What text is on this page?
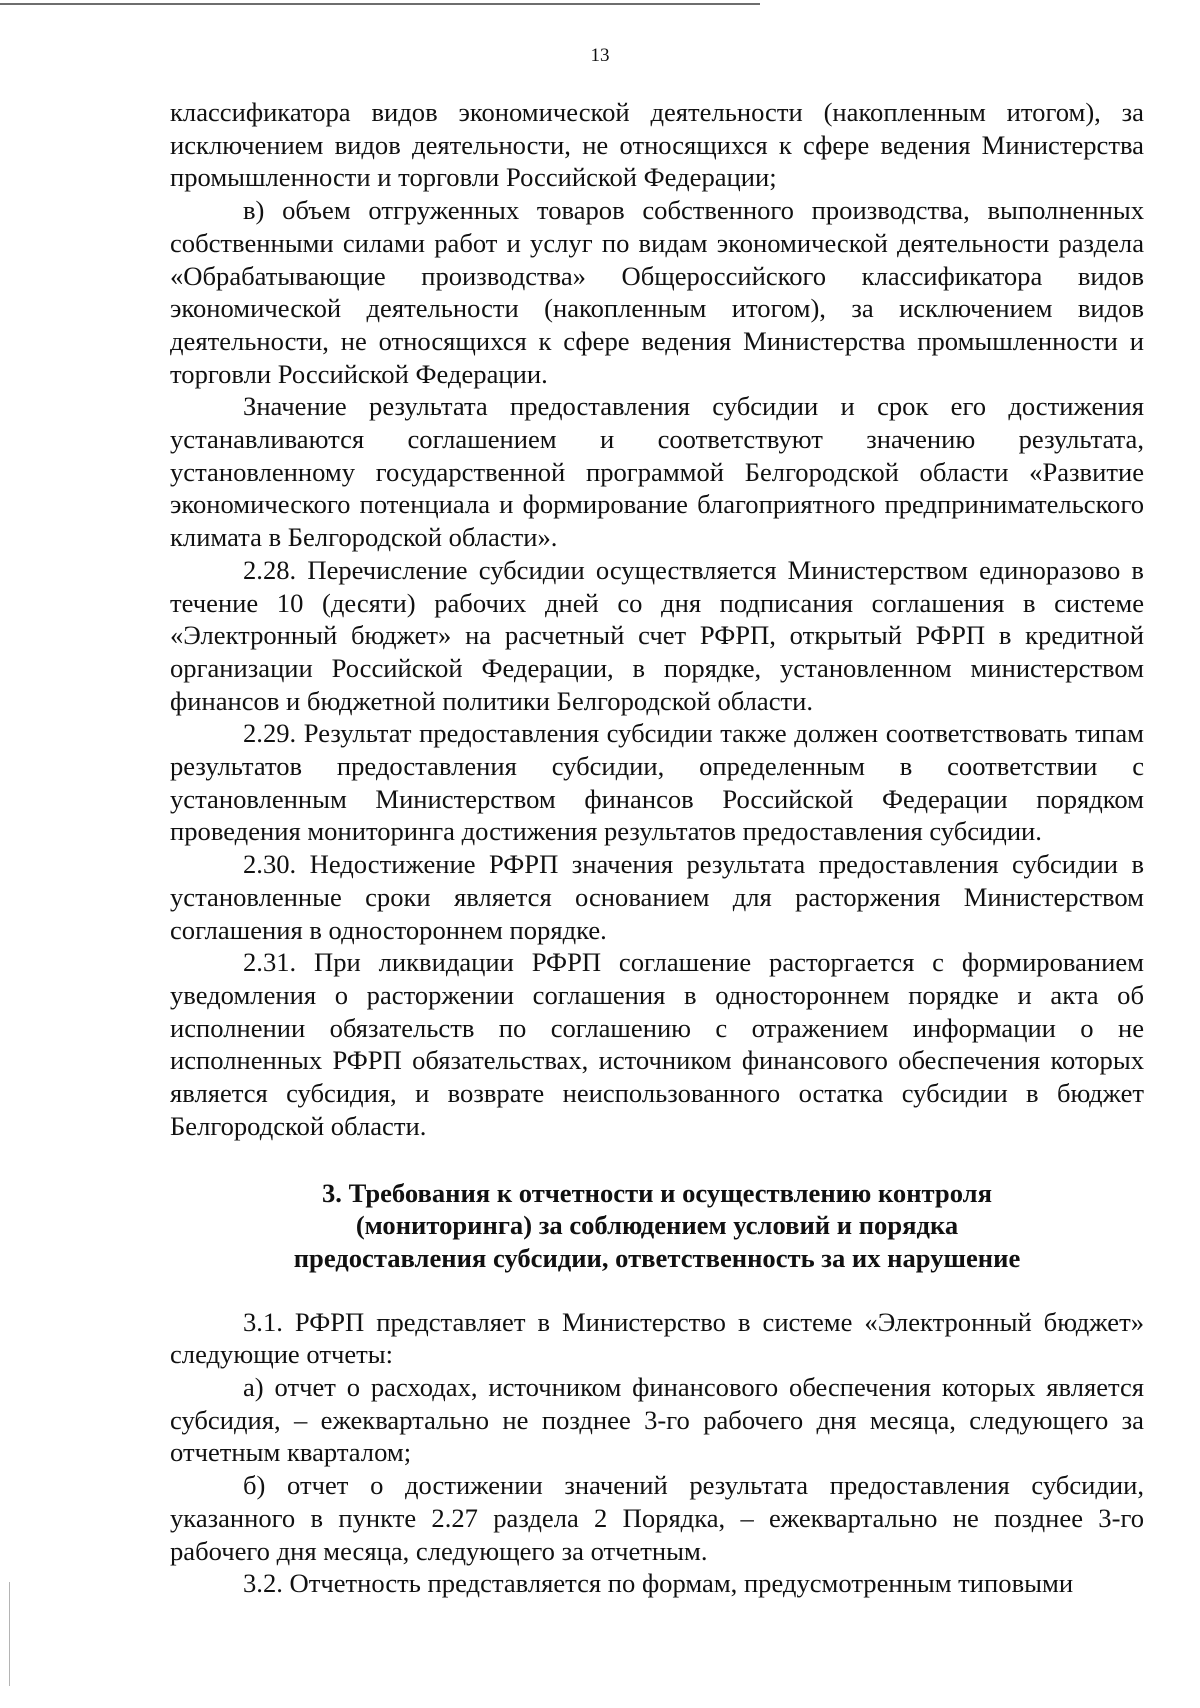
13

классификатора видов экономической деятельности (накопленным итогом), за исключением видов деятельности, не относящихся к сфере ведения Министерства промышленности и торговли Российской Федерации;

в) объем отгруженных товаров собственного производства, выполненных собственными силами работ и услуг по видам экономической деятельности раздела «Обрабатывающие производства» Общероссийского классификатора видов экономической деятельности (накопленным итогом), за исключением видов деятельности, не относящихся к сфере ведения Министерства промышленности и торговли Российской Федерации.

Значение результата предоставления субсидии и срок его достижения устанавливаются соглашением и соответствуют значению результата, установленному государственной программой Белгородской области «Развитие экономического потенциала и формирование благоприятного предпринимательского климата в Белгородской области».

2.28. Перечисление субсидии осуществляется Министерством единоразово в течение 10 (десяти) рабочих дней со дня подписания соглашения в системе «Электронный бюджет» на расчетный счет РФРП, открытый РФРП в кредитной организации Российской Федерации, в порядке, установленном министерством финансов и бюджетной политики Белгородской области.

2.29. Результат предоставления субсидии также должен соответствовать типам результатов предоставления субсидии, определенным в соответствии с установленным Министерством финансов Российской Федерации порядком проведения мониторинга достижения результатов предоставления субсидии.

2.30. Недостижение РФРП значения результата предоставления субсидии в установленные сроки является основанием для расторжения Министерством соглашения в одностороннем порядке.

2.31. При ликвидации РФРП соглашение расторгается с формированием уведомления о расторжении соглашения в одностороннем порядке и акта об исполнении обязательств по соглашению с отражением информации о не исполненных РФРП обязательствах, источником финансового обеспечения которых является субсидия, и возврате неиспользованного остатка субсидии в бюджет Белгородской области.

3. Требования к отчетности и осуществлению контроля
(мониторинга) за соблюдением условий и порядка
предоставления субсидии, ответственность за их нарушение

3.1. РФРП представляет в Министерство в системе «Электронный бюджет» следующие отчеты:

а) отчет о расходах, источником финансового обеспечения которых является субсидия, – ежеквартально не позднее 3-го рабочего дня месяца, следующего за отчетным кварталом;

б) отчет о достижении значений результата предоставления субсидии, указанного в пункте 2.27 раздела 2 Порядка, – ежеквартально не позднее 3-го рабочего дня месяца, следующего за отчетным.

3.2. Отчетность представляется по формам, предусмотренным типовыми
